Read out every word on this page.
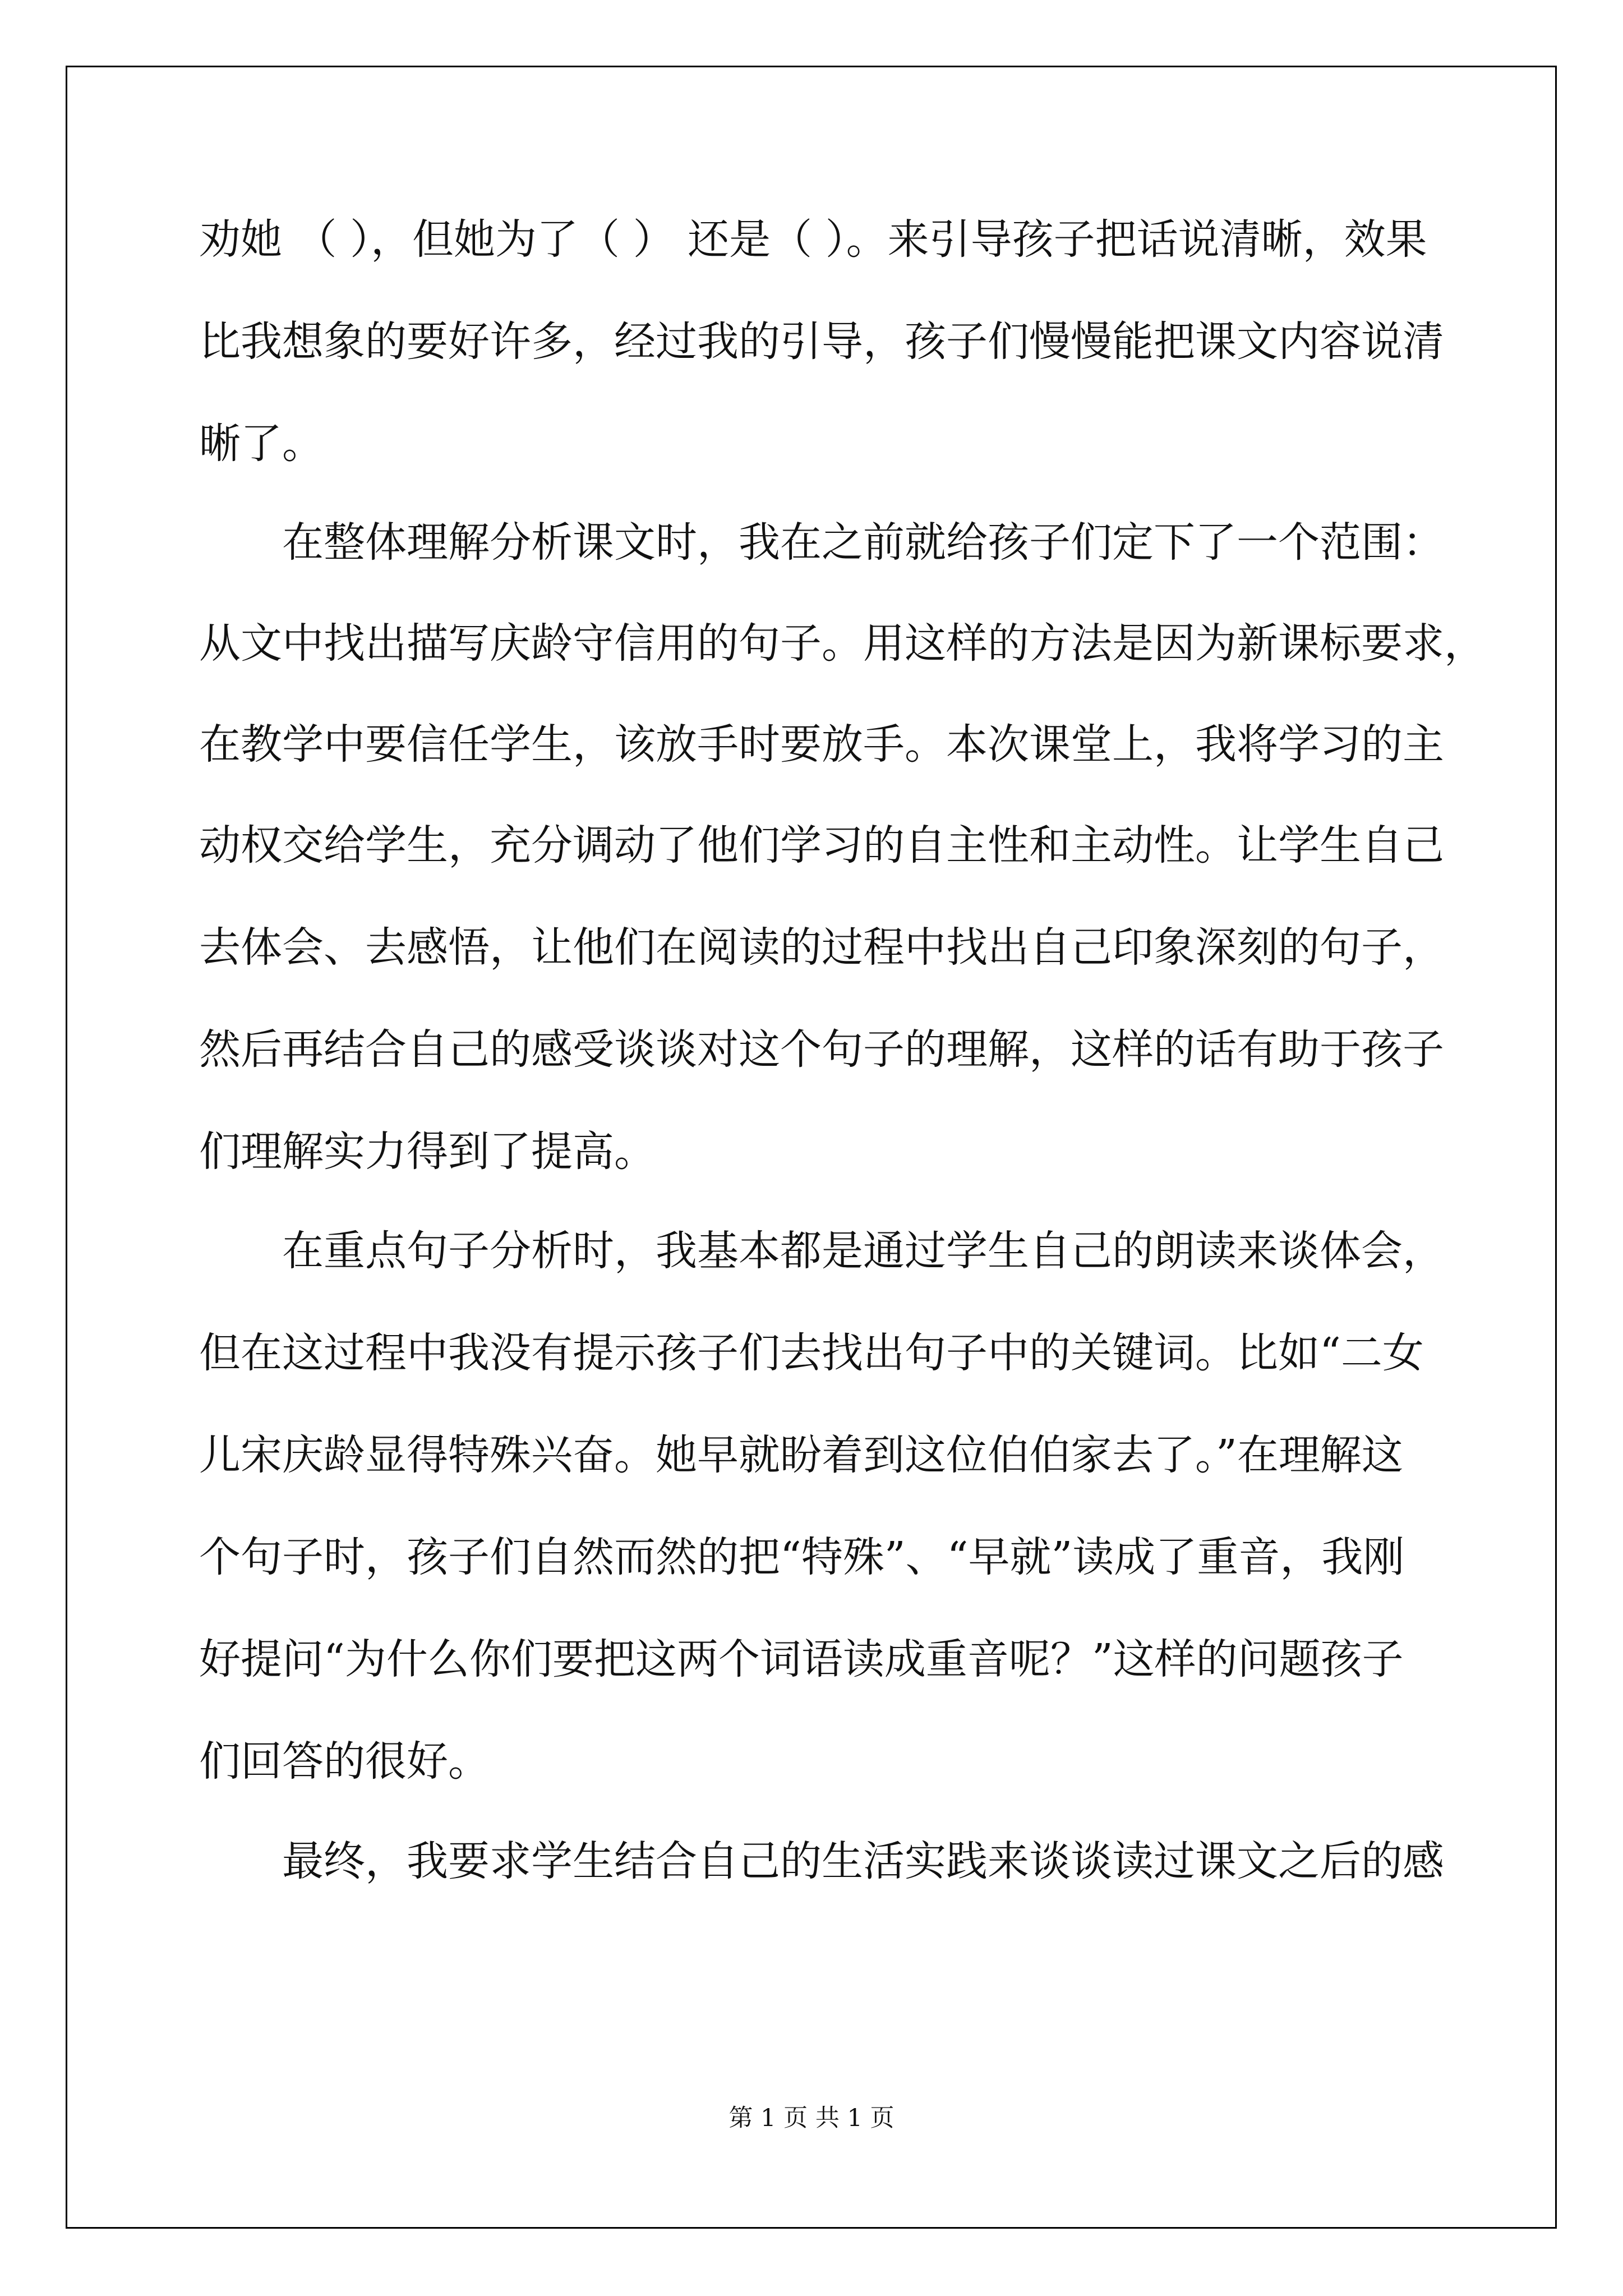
劝她 （ ），但她为了（ ） 还是（ ）。来引导孩子把话说清晰，效果
比我想象的要好许多，经过我的引导，孩子们慢慢能把课文内容说清
晰了。
　　在整体理解分析课文时，我在之前就给孩子们定下了一个范围：
从文中找出描写庆龄守信用的句子。用这样的方法是因为新课标要求，
在教学中要信任学生，该放手时要放手。本次课堂上，我将学习的主
动权交给学生，充分调动了他们学习的自主性和主动性。让学生自己
去体会、去感悟，让他们在阅读的过程中找出自己印象深刻的句子，
然后再结合自己的感受谈谈对这个句子的理解，这样的话有助于孩子
们理解实力得到了提高。
　　在重点句子分析时，我基本都是通过学生自己的朗读来谈体会，
但在这过程中我没有提示孩子们去找出句子中的关键词。比如“二女
儿宋庆龄显得特殊兴奋。她早就盼着到这位伯伯家去了。”在理解这
个句子时，孩子们自然而然的把“特殊”、“早就”读成了重音，我刚
好提问“为什么你们要把这两个词语读成重音呢？”这样的问题孩子
们回答的很好。
　　最终，我要求学生结合自己的生活实践来谈谈读过课文之后的感
第 1 页 共 1 页
